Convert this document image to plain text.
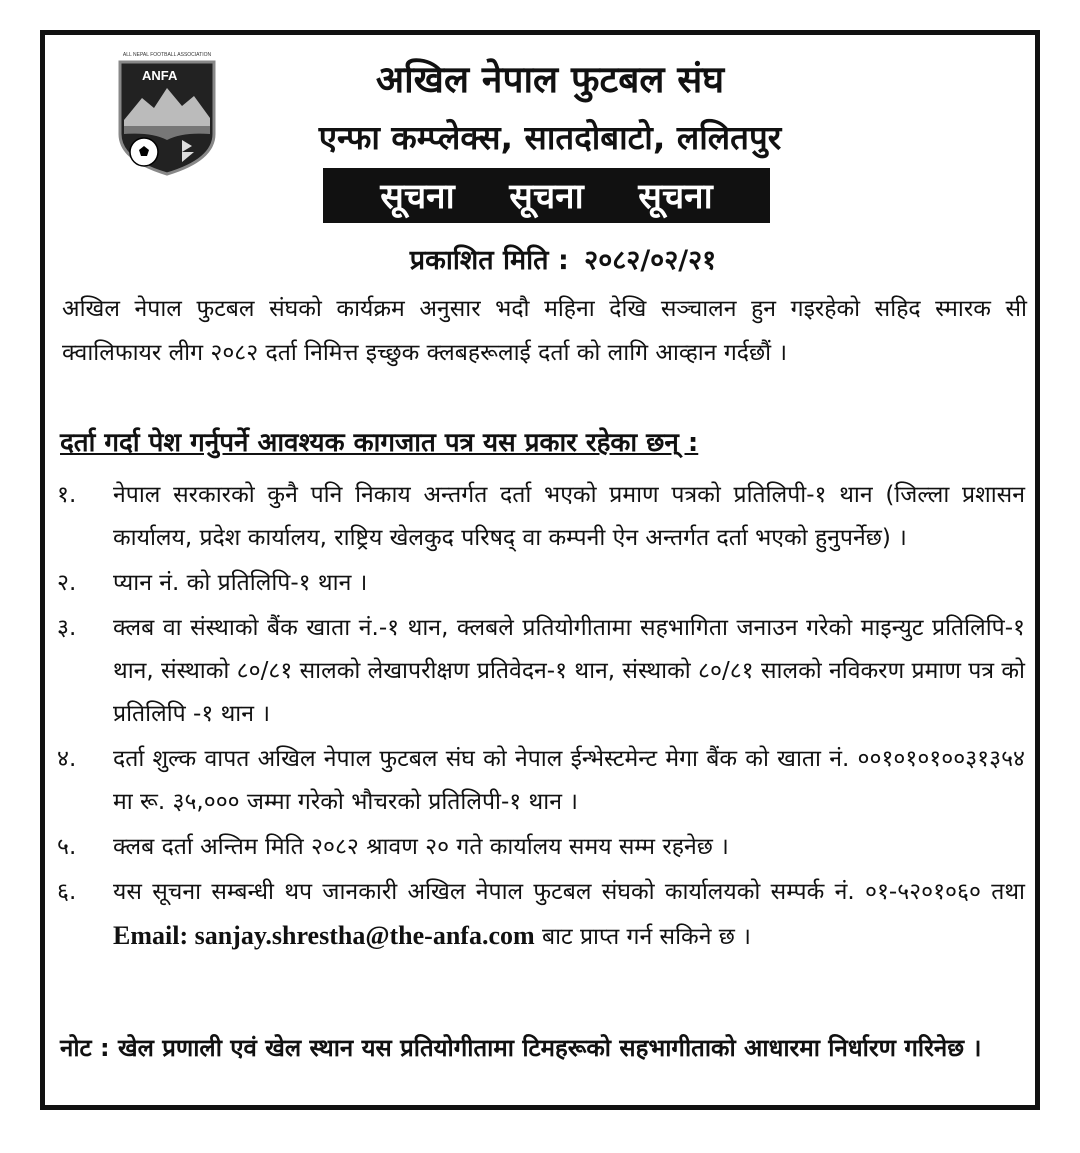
ALL NEPAL FOOTBALL ASSOCIATION
ANFA	अखिल नेपाल फुटबल संघ
एन्फा कम्प्लेक्स, सातदोबाटो, ललितपुर
सूचना सूचना सूचना
प्रकाशित मिति : २०८२/०२/२१
अखिल नेपाल फुटबल संघको कार्यक्रम अनुसार भदौ महिना देखि सञ्चालन हुन गइरहेको सहिद स्मारक सी क्वालिफायर लीग २०८२ दर्ता निमित्त इच्छुक क्लबहरूलाई दर्ता को लागि आव्हान गर्दछौं ।
दर्ता गर्दा पेश गर्नुपर्ने आवश्यक कागजात पत्र यस प्रकार रहेका छन् :
१.	नेपाल सरकारको कुनै पनि निकाय अन्तर्गत दर्ता भएको प्रमाण पत्रको प्रतिलिपी-१ थान (जिल्ला प्रशासन कार्यालय, प्रदेश कार्यालय, राष्ट्रिय खेलकुद परिषद् वा कम्पनी ऐन अन्तर्गत दर्ता भएको हुनुपर्नेछ) ।
२.	प्यान नं. को प्रतिलिपि-१ थान ।
३.	क्लब वा संस्थाको बैंक खाता नं.-१ थान, क्लबले प्रतियोगीतामा सहभागिता जनाउन गरेको माइन्युट प्रतिलिपि-१ थान, संस्थाको ८०/८१ सालको लेखापरीक्षण प्रतिवेदन-१ थान, संस्थाको ८०/८१ सालको नविकरण प्रमाण पत्र को प्रतिलिपि -१ थान ।
४.	दर्ता शुल्क वापत अखिल नेपाल फुटबल संघ को नेपाल ईन्भेस्टमेन्ट मेगा बैंक को खाता नं. ००१०१०१००३१३५४ मा रू. ३५,००० जम्मा गरेको भौचरको प्रतिलिपी-१ थान ।
५.	क्लब दर्ता अन्तिम मिति २०८२ श्रावण २० गते कार्यालय समय सम्म रहनेछ ।
६.	यस सूचना सम्बन्धी थप जानकारी अखिल नेपाल फुटबल संघको कार्यालयको सम्पर्क नं. ०१-५२०१०६० तथा Email: sanjay.shrestha@the-anfa.com बाट प्राप्त गर्न सकिने छ ।
नोट : खेल प्रणाली एवं खेल स्थान यस प्रतियोगीतामा टिमहरूको सहभागीताको आधारमा निर्धारण गरिनेछ ।
